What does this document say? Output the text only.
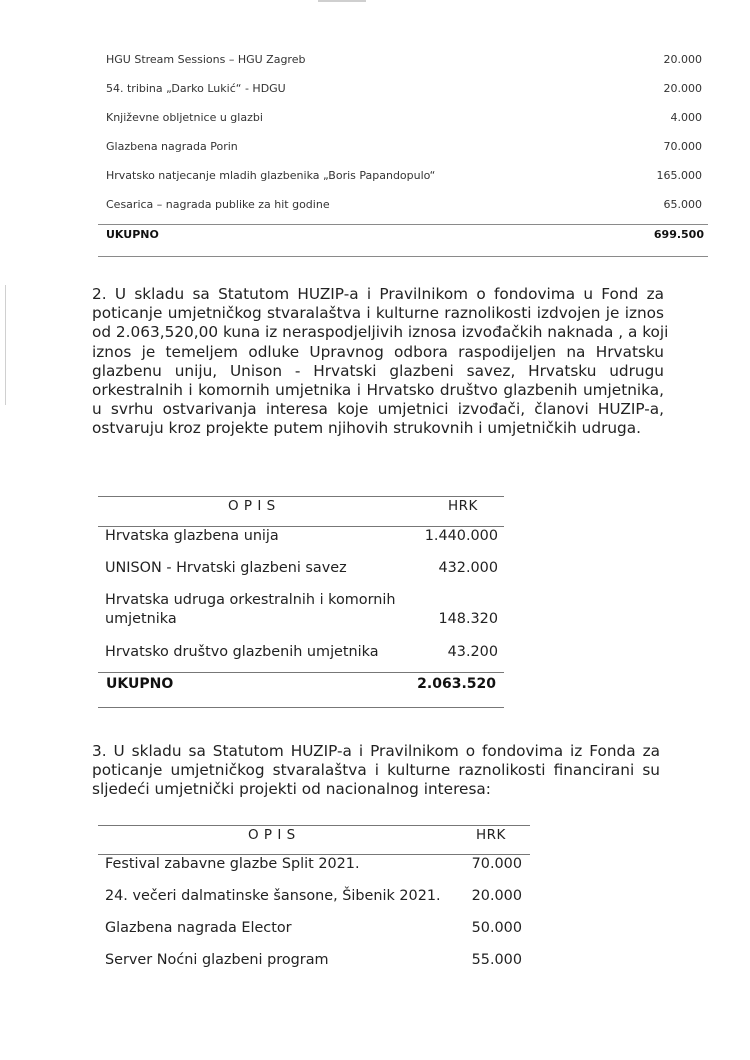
HGU Stream Sessions – HGU Zagreb	20.000
54. tribina „Darko Lukić“ - HDGU	20.000
Književne obljetnice u glazbi	4.000
Glazbena nagrada Porin	70.000
Hrvatsko natjecanje mladih glazbenika „Boris Papandopulo“	165.000
Cesarica – nagrada publike za hit godine	65.000
UKUPNO	699.500
2. U skladu sa Statutom HUZIP-a i Pravilnikom o fondovima u Fond za
poticanje umjetničkog stvaralaštva i kulturne raznolikosti izdvojen je iznos
od 2.063,520,00 kuna iz neraspodjeljivih iznosa izvođačkih naknada , a koji
iznos je temeljem odluke Upravnog odbora raspodijeljen na Hrvatsku
glazbenu uniju, Unison - Hrvatski glazbeni savez, Hrvatsku udrugu
orkestralnih i komornih umjetnika i Hrvatsko društvo glazbenih umjetnika,
u svrhu ostvarivanja interesa koje umjetnici izvođači, članovi HUZIP-a,
ostvaruju kroz projekte putem njihovih strukovnih i umjetničkih udruga.
O P I S	HRK
Hrvatska glazbena unija	1.440.000
UNISON - Hrvatski glazbeni savez	432.000
Hrvatska udruga orkestralnih i komornih
umjetnika	148.320
Hrvatsko društvo glazbenih umjetnika	43.200
UKUPNO	2.063.520
3. U skladu sa Statutom HUZIP-a i Pravilnikom o fondovima iz Fonda za
poticanje umjetničkog stvaralaštva i kulturne raznolikosti financirani su
sljedeći umjetnički projekti od nacionalnog interesa:
O P I S	HRK
Festival zabavne glazbe Split 2021.	70.000
24. večeri dalmatinske šansone, Šibenik 2021. 20.000
Glazbena nagrada Elector	50.000
Server Noćni glazbeni program	55.000
